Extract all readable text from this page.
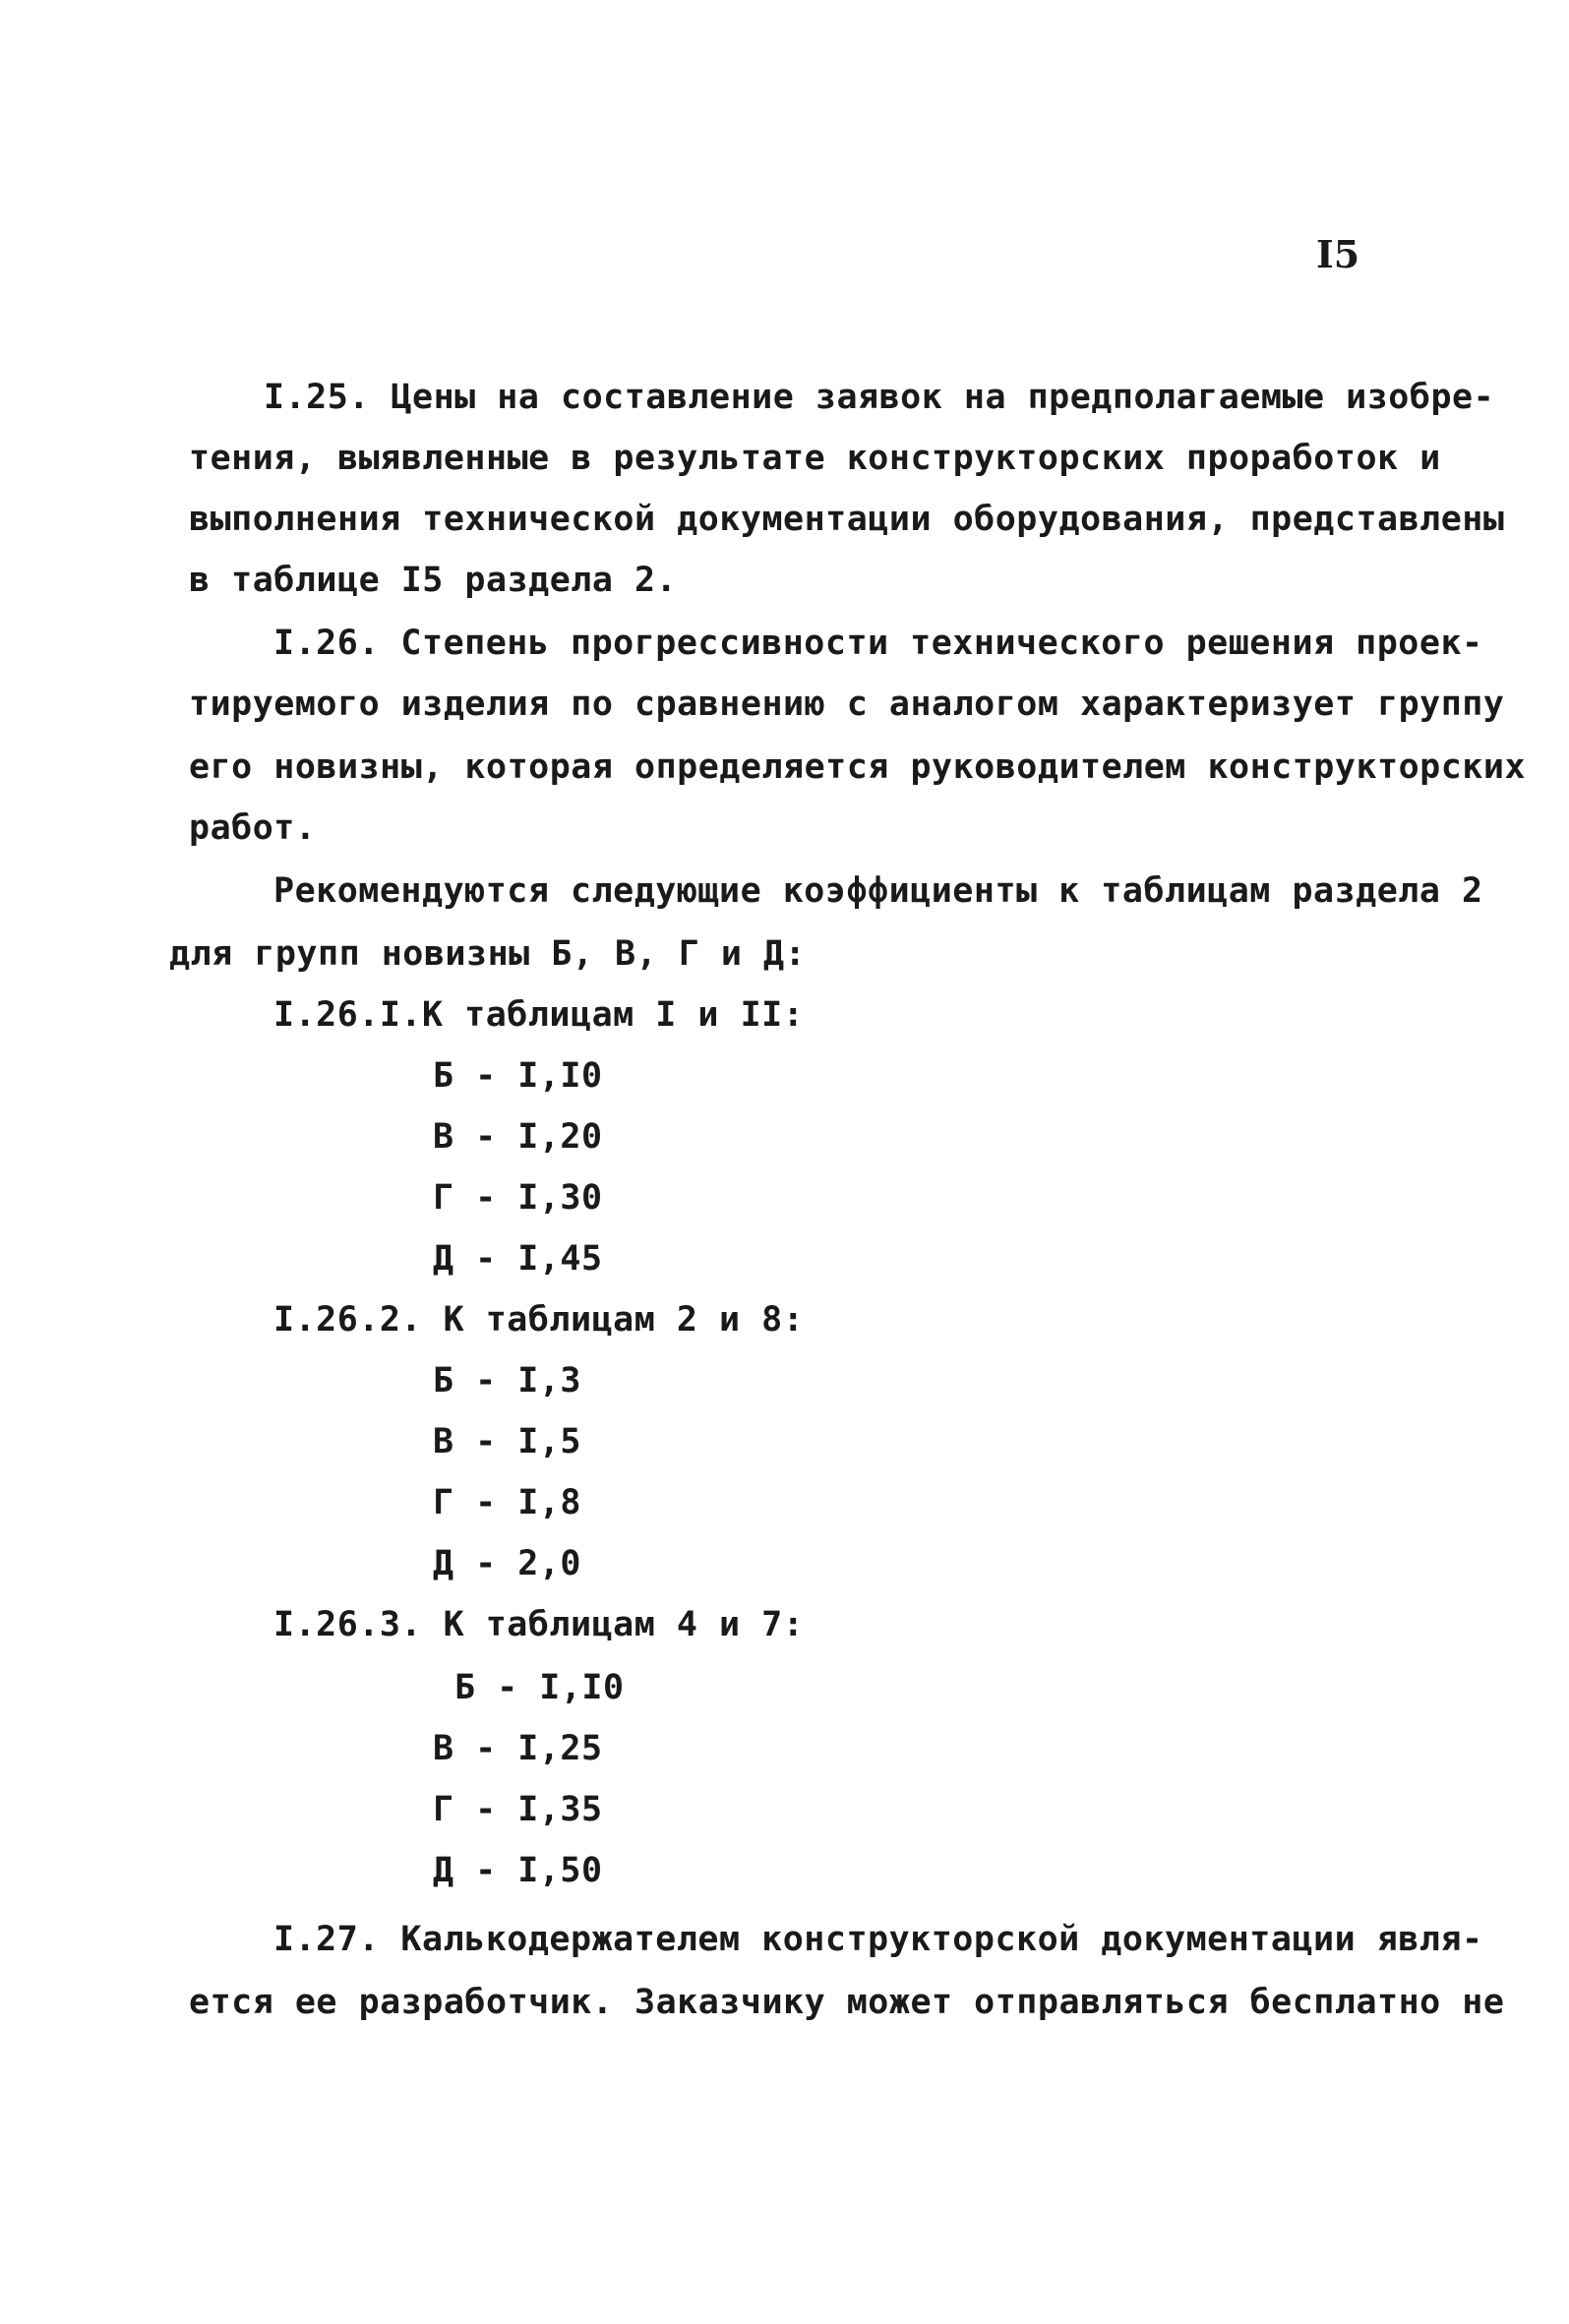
I5
I.25. Цены на составление заявок на предполагаемые изобре-
тения, выявленные в результате конструкторских проработок и
выполнения технической документации оборудования, представлены
в таблице I5 раздела 2.
I.26. Степень прогрессивности технического решения проек-
тируемого изделия по сравнению с аналогом характеризует группу
его новизны, которая определяется руководителем конструкторских
работ.
Рекомендуются следующие коэффициенты к таблицам раздела 2
для групп новизны Б, В, Г и Д:
I.26.I.К таблицам I и II:
Б - I,I0
В - I,20
Г - I,30
Д - I,45
I.26.2. К таблицам 2 и 8:
Б - I,3
В - I,5
Г - I,8
Д - 2,0
I.26.3. К таблицам 4 и 7:
Б - I,I0
В - I,25
Г - I,35
Д - I,50
I.27. Калькодержателем конструкторской документации явля-
ется ее разработчик. Заказчику может отправляться бесплатно не
